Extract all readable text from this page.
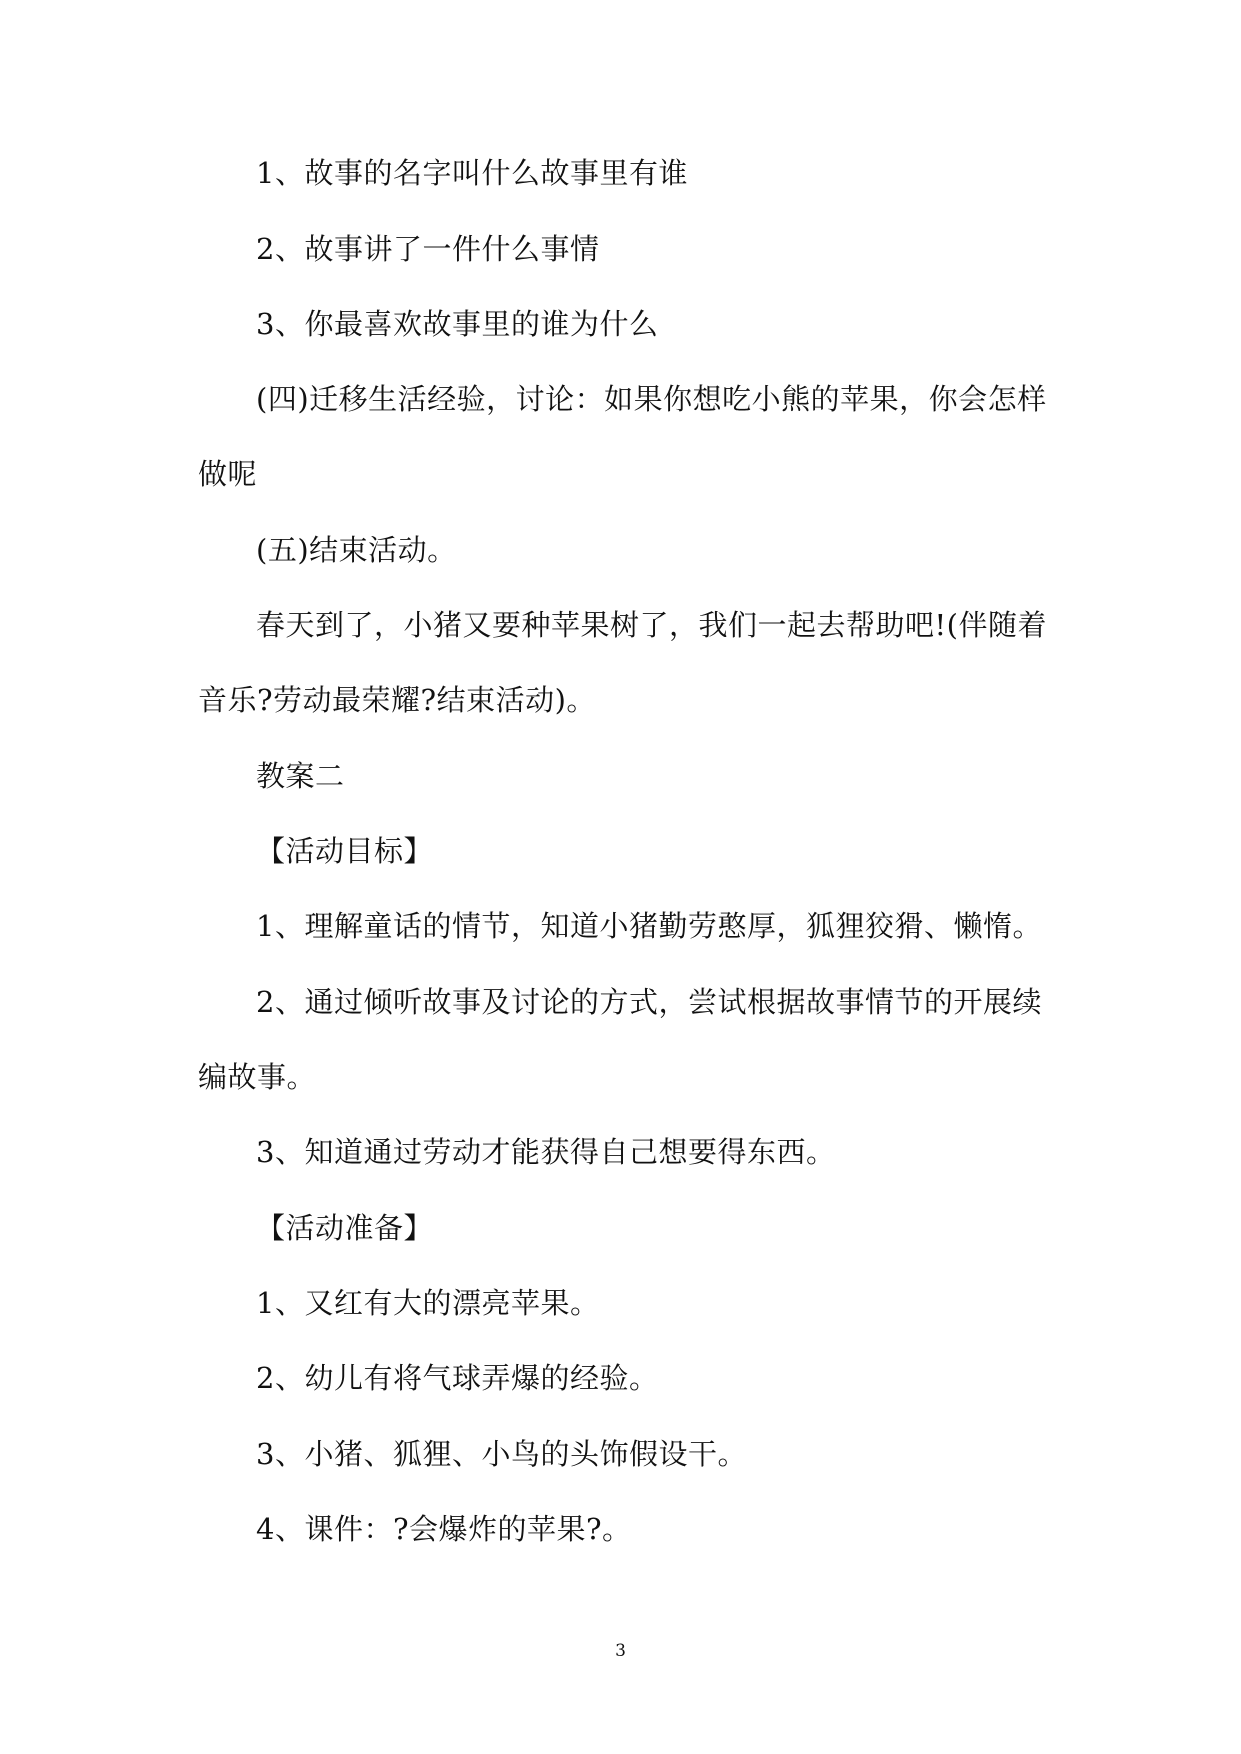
1、故事的名字叫什么故事里有谁
2、故事讲了一件什么事情
3、你最喜欢故事里的谁为什么
(四)迁移生活经验，讨论：如果你想吃小熊的苹果，你会怎样
做呢
(五)结束活动。
春天到了，小猪又要种苹果树了，我们一起去帮助吧!(伴随着
音乐?劳动最荣耀?结束活动)。
教案二
【活动目标】
1、理解童话的情节，知道小猪勤劳憨厚，狐狸狡猾、懒惰。
2、通过倾听故事及讨论的方式，尝试根据故事情节的开展续
编故事。
3、知道通过劳动才能获得自己想要得东西。
【活动准备】
1、又红有大的漂亮苹果。
2、幼儿有将气球弄爆的经验。
3、小猪、狐狸、小鸟的头饰假设干。
4、课件：?会爆炸的苹果?。
3
